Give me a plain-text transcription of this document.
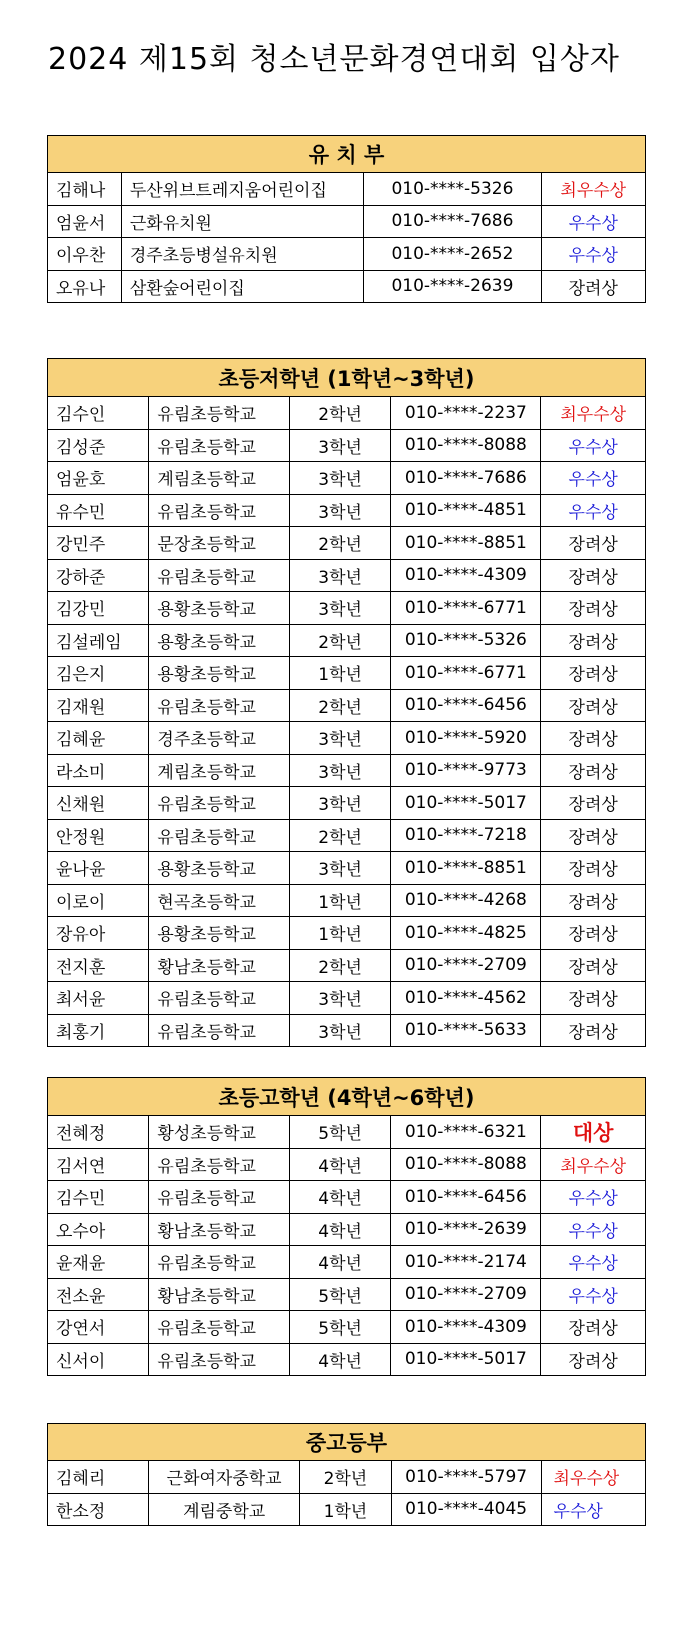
2024 제15회 청소년문화경연대회 입상자
유 치 부			
김해나	두산위브트레지움어린이집	010-****-5326	최우수상
엄윤서	근화유치원	010-****-7686	우수상
이우찬	경주초등병설유치원	010-****-2652	우수상
오유나	삼환숲어린이집	010-****-2639	장려상
초등저학년 (1학년~3학년)				
김수인	유림초등학교	2학년	010-****-2237	최우수상
김성준	유림초등학교	3학년	010-****-8088	우수상
엄윤호	계림초등학교	3학년	010-****-7686	우수상
유수민	유림초등학교	3학년	010-****-4851	우수상
강민주	문장초등학교	2학년	010-****-8851	장려상
강하준	유림초등학교	3학년	010-****-4309	장려상
김강민	용황초등학교	3학년	010-****-6771	장려상
김설레임	용황초등학교	2학년	010-****-5326	장려상
김은지	용황초등학교	1학년	010-****-6771	장려상
김재원	유림초등학교	2학년	010-****-6456	장려상
김혜윤	경주초등학교	3학년	010-****-5920	장려상
라소미	계림초등학교	3학년	010-****-9773	장려상
신채원	유림초등학교	3학년	010-****-5017	장려상
안정원	유림초등학교	2학년	010-****-7218	장려상
윤나윤	용황초등학교	3학년	010-****-8851	장려상
이로이	현곡초등학교	1학년	010-****-4268	장려상
장유아	용황초등학교	1학년	010-****-4825	장려상
전지훈	황남초등학교	2학년	010-****-2709	장려상
최서윤	유림초등학교	3학년	010-****-4562	장려상
최홍기	유림초등학교	3학년	010-****-5633	장려상
초등고학년 (4학년~6학년)				
전혜정	황성초등학교	5학년	010-****-6321	대상
김서연	유림초등학교	4학년	010-****-8088	최우수상
김수민	유림초등학교	4학년	010-****-6456	우수상
오수아	황남초등학교	4학년	010-****-2639	우수상
윤재윤	유림초등학교	4학년	010-****-2174	우수상
전소윤	황남초등학교	5학년	010-****-2709	우수상
강연서	유림초등학교	5학년	010-****-4309	장려상
신서이	유림초등학교	4학년	010-****-5017	장려상
중고등부				
김혜리	근화여자중학교	2학년	010-****-5797	최우수상
한소정	계림중학교	1학년	010-****-4045	우수상
